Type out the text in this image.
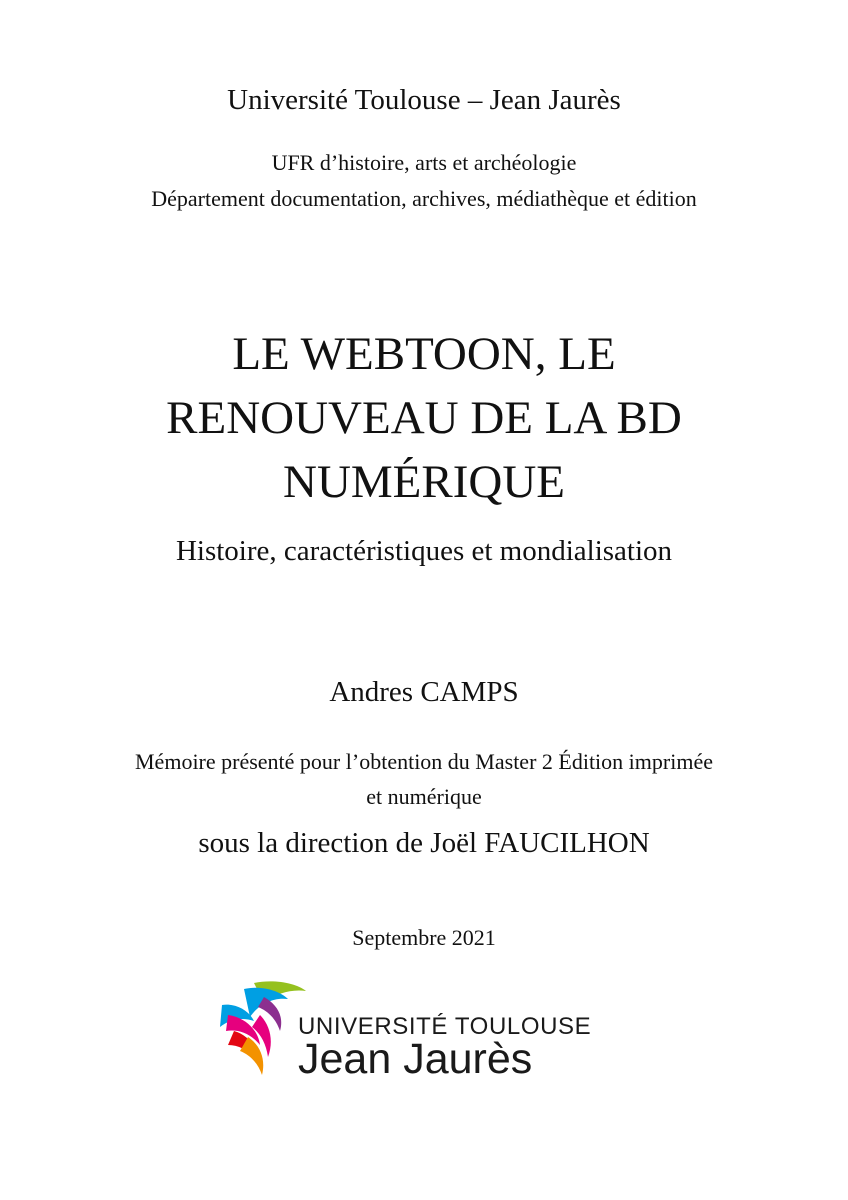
Université Toulouse – Jean Jaurès
UFR d’histoire, arts et archéologie
Département documentation, archives, médiathèque et édition
LE WEBTOON, LE
RENOUVEAU DE LA BD
NUMÉRIQUE
Histoire, caractéristiques et mondialisation
Andres CAMPS
Mémoire présenté pour l’obtention du Master 2 Édition imprimée
et numérique
sous la direction de Joël FAUCILHON
Septembre 2021
UNIVERSITÉ TOULOUSE
Jean Jaurès
